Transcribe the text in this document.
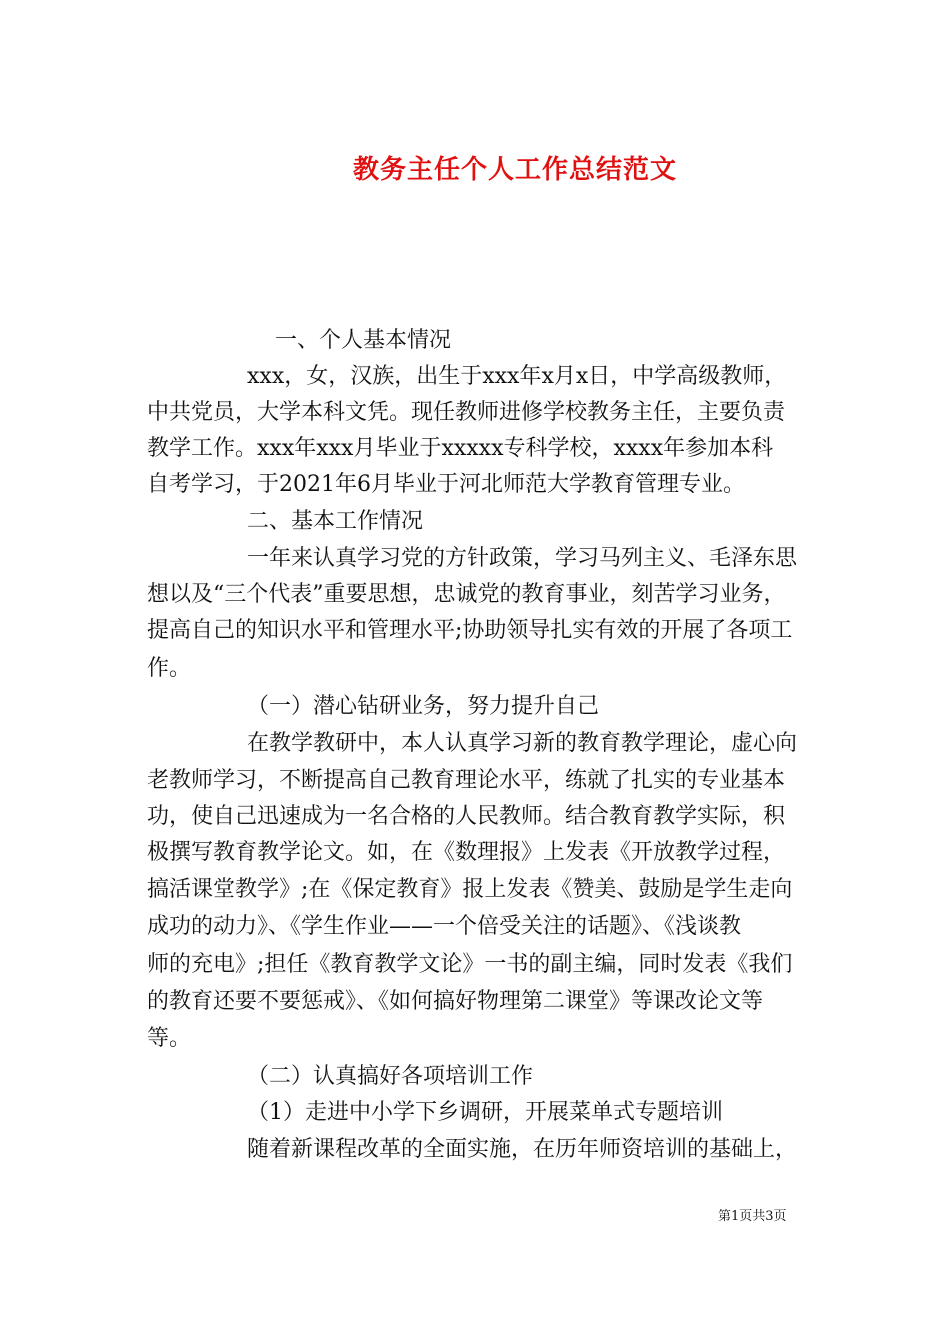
教务主任个人工作总结范文

一、个人基本情况

xxx，女，汉族，出生于xxx年x月x日，中学高级教师，

中共党员，大学本科文凭。现任教师进修学校教务主任，主要负责

教学工作。xxx年xxx月毕业于xxxxx专科学校，xxxx年参加本科

自考学习，于2021年6月毕业于河北师范大学教育管理专业。

二、基本工作情况

一年来认真学习党的方针政策，学习马列主义、毛泽东思

想以及“三个代表”重要思想，忠诚党的教育事业，刻苦学习业务，

提高自己的知识水平和管理水平;协助领导扎实有效的开展了各项工

作。

（一）潜心钻研业务，努力提升自己

在教学教研中，本人认真学习新的教育教学理论，虚心向

老教师学习，不断提高自己教育理论水平，练就了扎实的专业基本

功，使自己迅速成为一名合格的人民教师。结合教育教学实际，积

极撰写教育教学论文。如，在《数理报》上发表《开放教学过程，

搞活课堂教学》;在《保定教育》报上发表《赞美、鼓励是学生走向

成功的动力》、《学生作业——一个倍受关注的话题》、《浅谈教

师的充电》;担任《教育教学文论》一书的副主编，同时发表《我们

的教育还要不要惩戒》、《如何搞好物理第二课堂》等课改论文等

等。

（二）认真搞好各项培训工作

（1）走进中小学下乡调研，开展菜单式专题培训

随着新课程改革的全面实施，在历年师资培训的基础上，

第1页共3页
